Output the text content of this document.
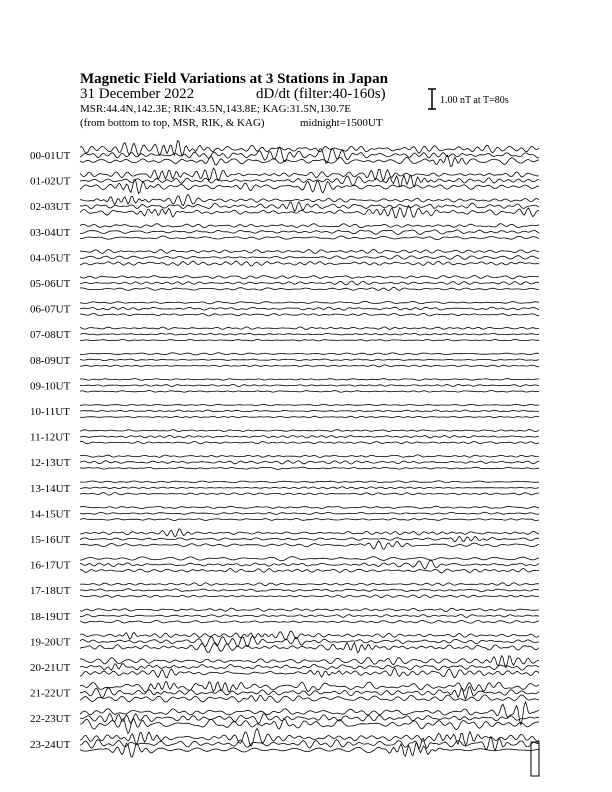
Magnetic Field Variations at 3 Stations in Japan
31 December 2022	dD/dt (filter:40-160s)
MSR:44.4N,142.3E; RIK:43.5N,143.8E; KAG:31.5N,130.7E
(from bottom to top, MSR, RIK, & KAG)	midnight=1500UT
1.00 nT at T=80s
00-01UT
01-02UT
02-03UT
03-04UT
04-05UT
05-06UT
06-07UT
07-08UT
08-09UT
09-10UT
10-11UT
11-12UT
12-13UT
13-14UT
14-15UT
15-16UT
16-17UT
17-18UT
18-19UT
19-20UT
20-21UT
21-22UT
22-23UT
23-24UT
